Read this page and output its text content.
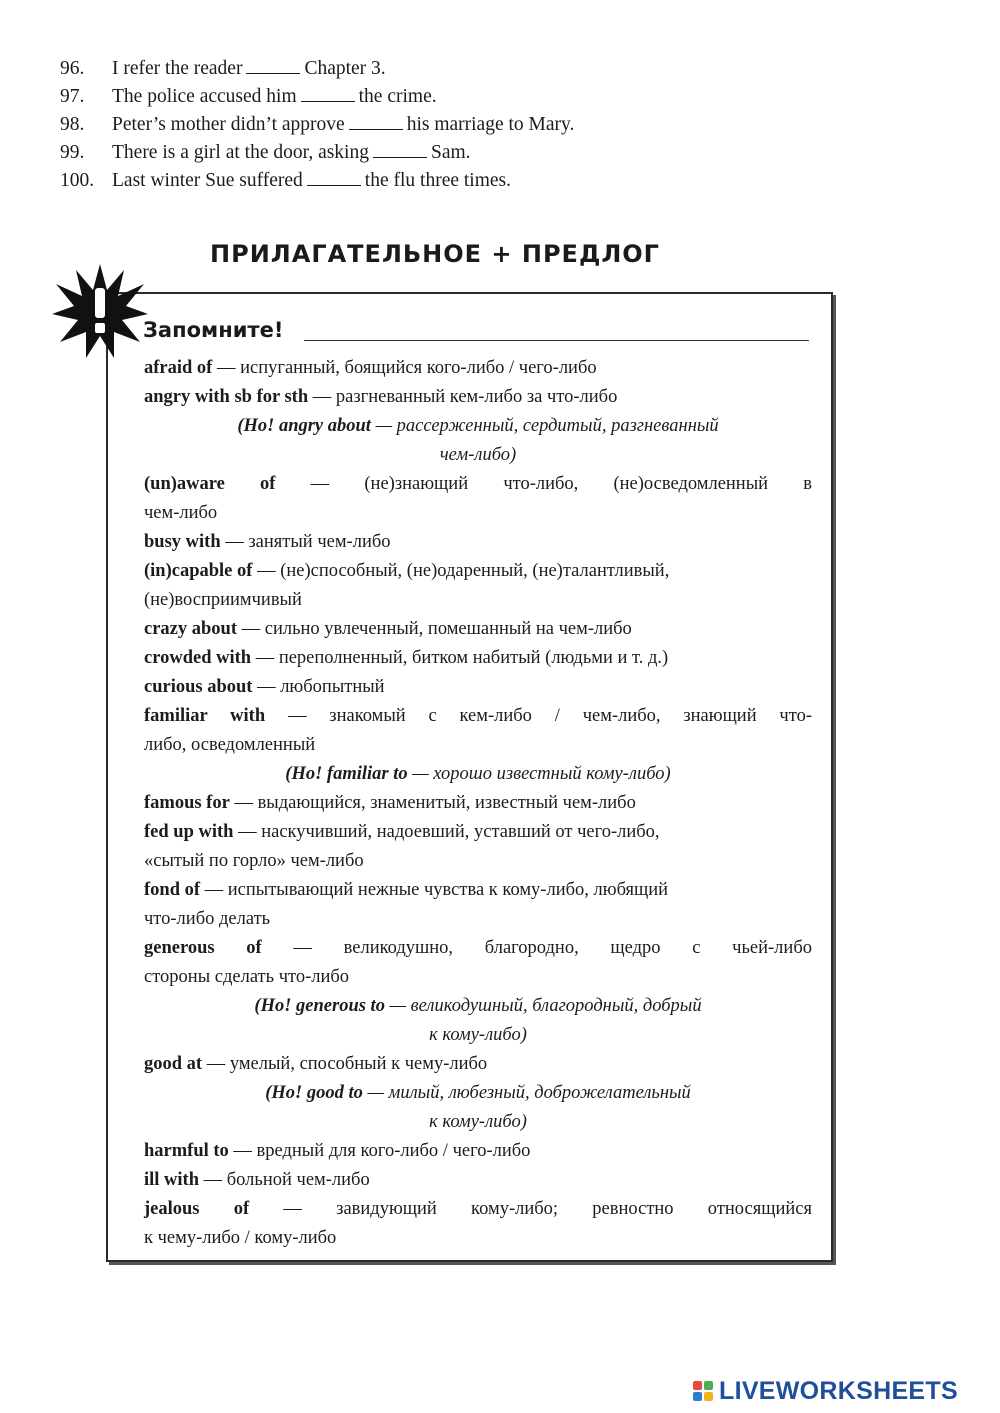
96. I refer the reader	Chapter 3.
97. The police accused him	the crime.
98. Peter’s mother didn’t approve	his marriage to Mary.
99. There is a girl at the door, asking	Sam.
100. Last winter Sue suffered	the flu three times.
ПРИЛАГАТЕЛЬНОЕ + ПРЕДЛОГ
Запомните!
afraid of — испуганный, боящийся кого-либо / чего-либо
angry with sb for sth — разгневанный кем-либо за что-либо
(Но! angry about — рассерженный, сердитый, разгневанный
чем-либо)
(un)aware of — (не)знающий что-либо, (не)осведомленный в
чем-либо
busy with — занятый чем-либо
(in)capable of — (не)способный, (не)одаренный, (не)талантливый,
(не)восприимчивый
crazy about — сильно увлеченный, помешанный на чем-либо
crowded with — переполненный, битком набитый (людьми и т. д.)
curious about — любопытный
familiar with — знакомый с кем-либо / чем-либо, знающий что-
либо, осведомленный
(Но! familiar to — хорошо известный кому-либо)
famous for — выдающийся, знаменитый, известный чем-либо
fed up with — наскучивший, надоевший, уставший от чего-либо,
«сытый по горло» чем-либо
fond of — испытывающий нежные чувства к кому-либо, любящий
что-либо делать
generous of — великодушно, благородно, щедро с чьей-либо
стороны сделать что-либо
(Но! generous to — великодушный, благородный, добрый
к кому-либо)
good at — умелый, способный к чему-либо
(Но! good to — милый, любезный, доброжелательный
к кому-либо)
harmful to — вредный для кого-либо / чего-либо
ill with — больной чем-либо
jealous of — завидующий кому-либо; ревностно относящийся
к чему-либо / кому-либо
LIVEWORKSHEETS
